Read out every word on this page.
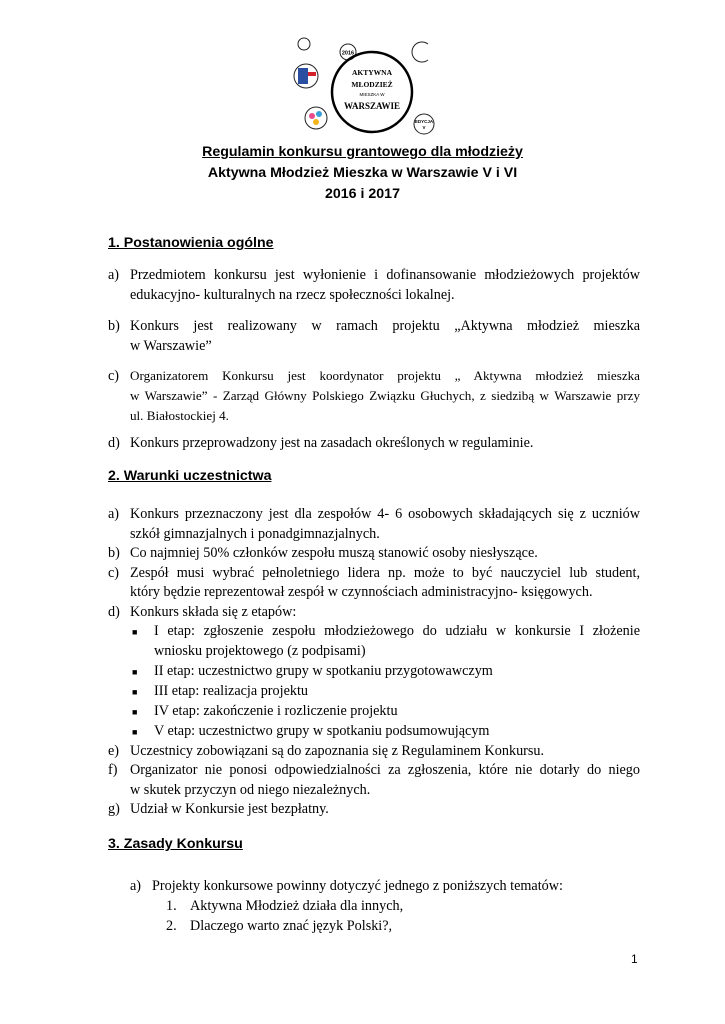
2016
AKTYWNA
MŁODZIEŻ
MIESZKA W
WARSZAWIE
EDYCJA
V
Regulamin konkursu grantowego dla młodzieży
Aktywna Młodzież Mieszka w Warszawie V i VI
2016 i 2017
1. Postanowienia ogólne
a) Przedmiotem konkursu jest wyłonienie i dofinansowanie młodzieżowych projektów
edukacyjno- kulturalnych na rzecz społeczności lokalnej.
b) Konkurs jest realizowany w ramach projektu „Aktywna młodzież mieszka
w Warszawie”
c) Organizatorem Konkursu jest koordynator projektu „ Aktywna młodzież mieszka
w Warszawie” - Zarząd Główny Polskiego Związku Głuchych, z siedzibą w Warszawie przy
ul. Białostockiej 4.
d) Konkurs przeprowadzony jest na zasadach określonych w regulaminie.
2. Warunki uczestnictwa
a) Konkurs przeznaczony jest dla zespołów 4- 6 osobowych składających się z uczniów
szkół gimnazjalnych i ponadgimnazjalnych.
b) Co najmniej 50% członków zespołu muszą stanowić osoby niesłyszące.
c) Zespół musi wybrać pełnoletniego lidera np. może to być nauczyciel lub student,
który będzie reprezentował zespół w czynnościach administracyjno- księgowych.
d) Konkurs składa się z etapów:
■	I etap: zgłoszenie zespołu młodzieżowego do udziału w konkursie I złożenie
wniosku projektowego (z podpisami)
■	II etap: uczestnictwo grupy w spotkaniu przygotowawczym
■	III etap: realizacja projektu
■	IV etap: zakończenie i rozliczenie projektu
■	V etap: uczestnictwo grupy w spotkaniu podsumowującym
e) Uczestnicy zobowiązani są do zapoznania się z Regulaminem Konkursu.
f) Organizator nie ponosi odpowiedzialności za zgłoszenia, które nie dotarły do niego
w skutek przyczyn od niego niezależnych.
g) Udział w Konkursie jest bezpłatny.
3. Zasady Konkursu
a) Projekty konkursowe powinny dotyczyć jednego z poniższych tematów:
1. Aktywna Młodzież działa dla innych,
2. Dlaczego warto znać język Polski?,
1
